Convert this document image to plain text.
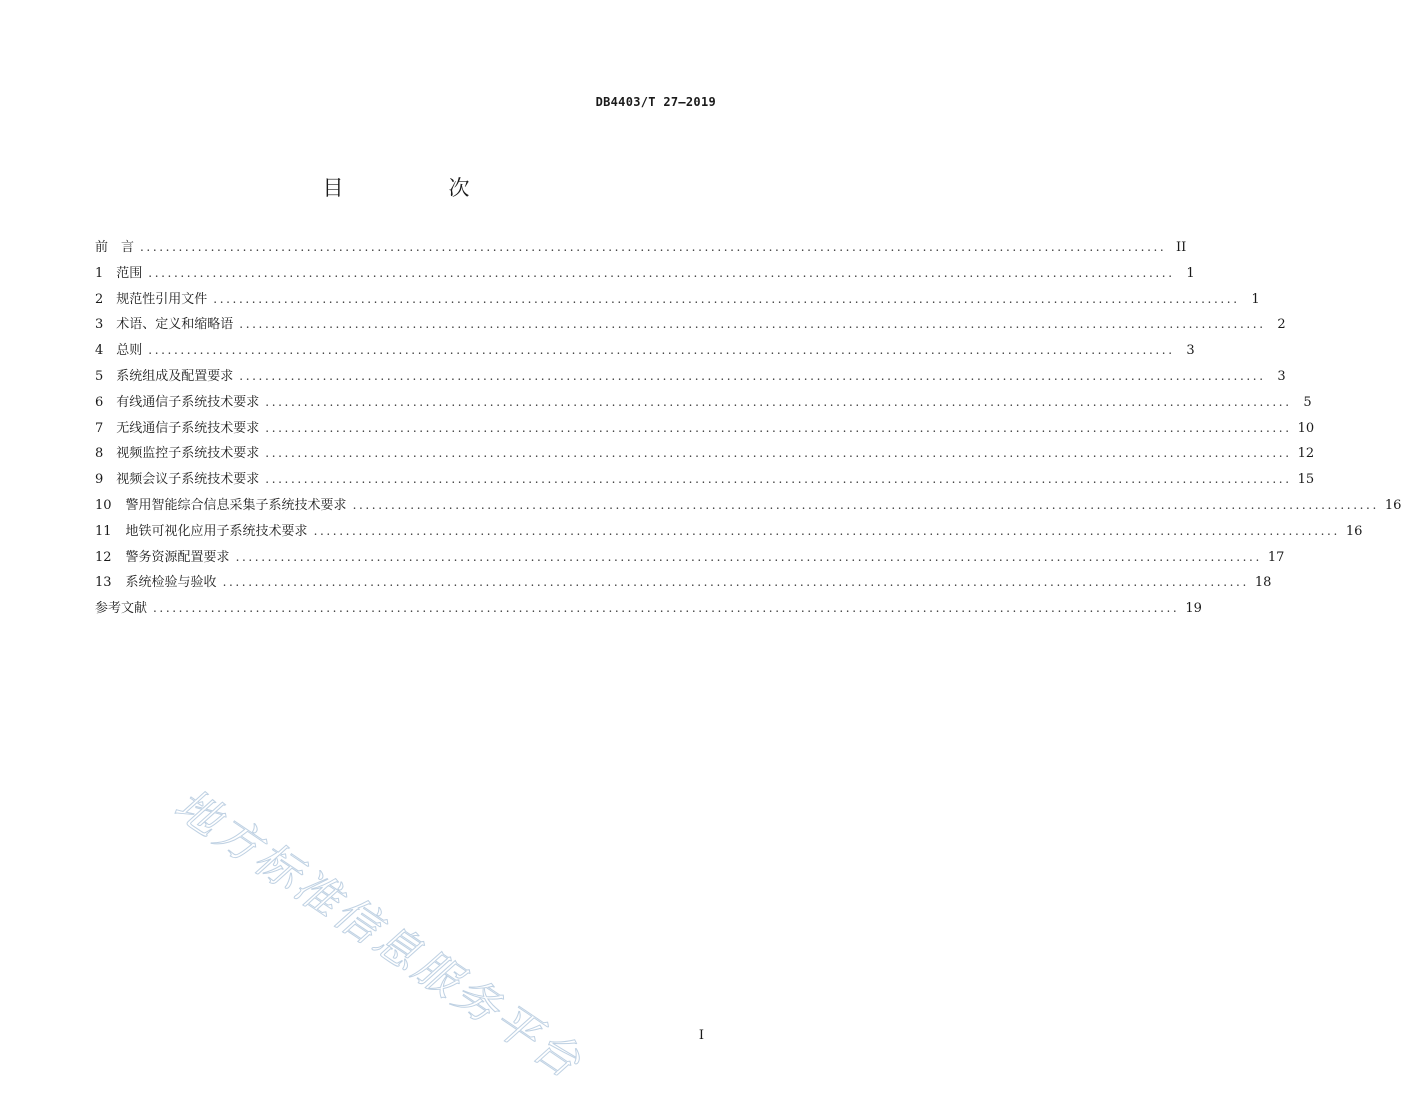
DB4403/T 27—2019
目　次
前　言 ................................................................................................................................................................ II
1 范围 ................................................................................................................................................................ 1
2 规范性引用文件 ................................................................................................................................................................ 1
3 术语、定义和缩略语 ................................................................................................................................................................ 2
4 总则 ................................................................................................................................................................ 3
5 系统组成及配置要求 ................................................................................................................................................................ 3
6 有线通信子系统技术要求 ................................................................................................................................................................ 5
7 无线通信子系统技术要求 ................................................................................................................................................................ 10
8 视频监控子系统技术要求 ................................................................................................................................................................ 12
9 视频会议子系统技术要求 ................................................................................................................................................................ 15
10 警用智能综合信息采集子系统技术要求 ................................................................................................................................................................ 16
11 地铁可视化应用子系统技术要求 ................................................................................................................................................................ 16
12 警务资源配置要求 ................................................................................................................................................................ 17
13 系统检验与验收 ................................................................................................................................................................ 18
参考文献 ................................................................................................................................................................ 19
地方标准信息服务平台	I
